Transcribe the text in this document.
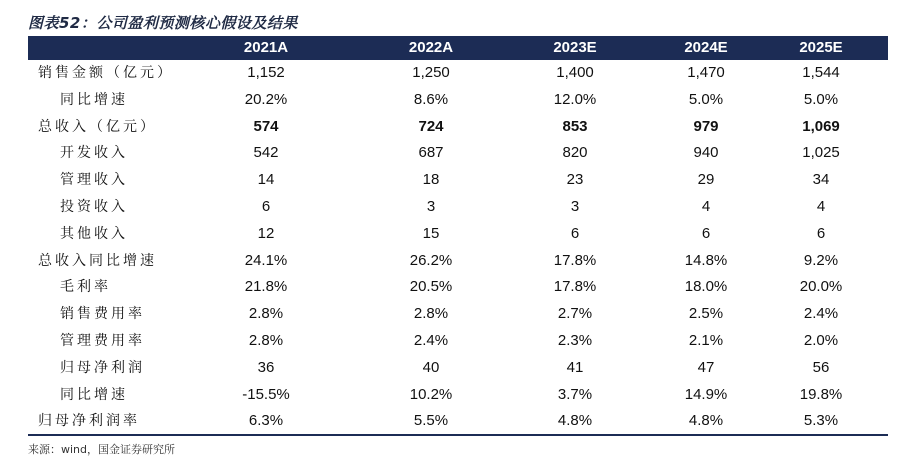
图表52：公司盈利预测核心假设及结果
2021A	2022A	2023E	2024E	2025E
销售金额（亿元）	1,152	1,250	1,400	1,470	1,544
同比增速	20.2%	8.6%	12.0%	5.0%	5.0%
总收入（亿元）	574	724	853	979	1,069
开发收入	542	687	820	940	1,025
管理收入	14	18	23	29	34
投资收入	6	3	3	4	4
其他收入	12	15	6	6	6
总收入同比增速	24.1%	26.2%	17.8%	14.8%	9.2%
毛利率	21.8%	20.5%	17.8%	18.0%	20.0%
销售费用率	2.8%	2.8%	2.7%	2.5%	2.4%
管理费用率	2.8%	2.4%	2.3%	2.1%	2.0%
归母净利润	36	40	41	47	56
同比增速	-15.5%	10.2%	3.7%	14.9%	19.8%
归母净利润率	6.3%	5.5%	4.8%	4.8%	5.3%
来源：wind，国金证券研究所
